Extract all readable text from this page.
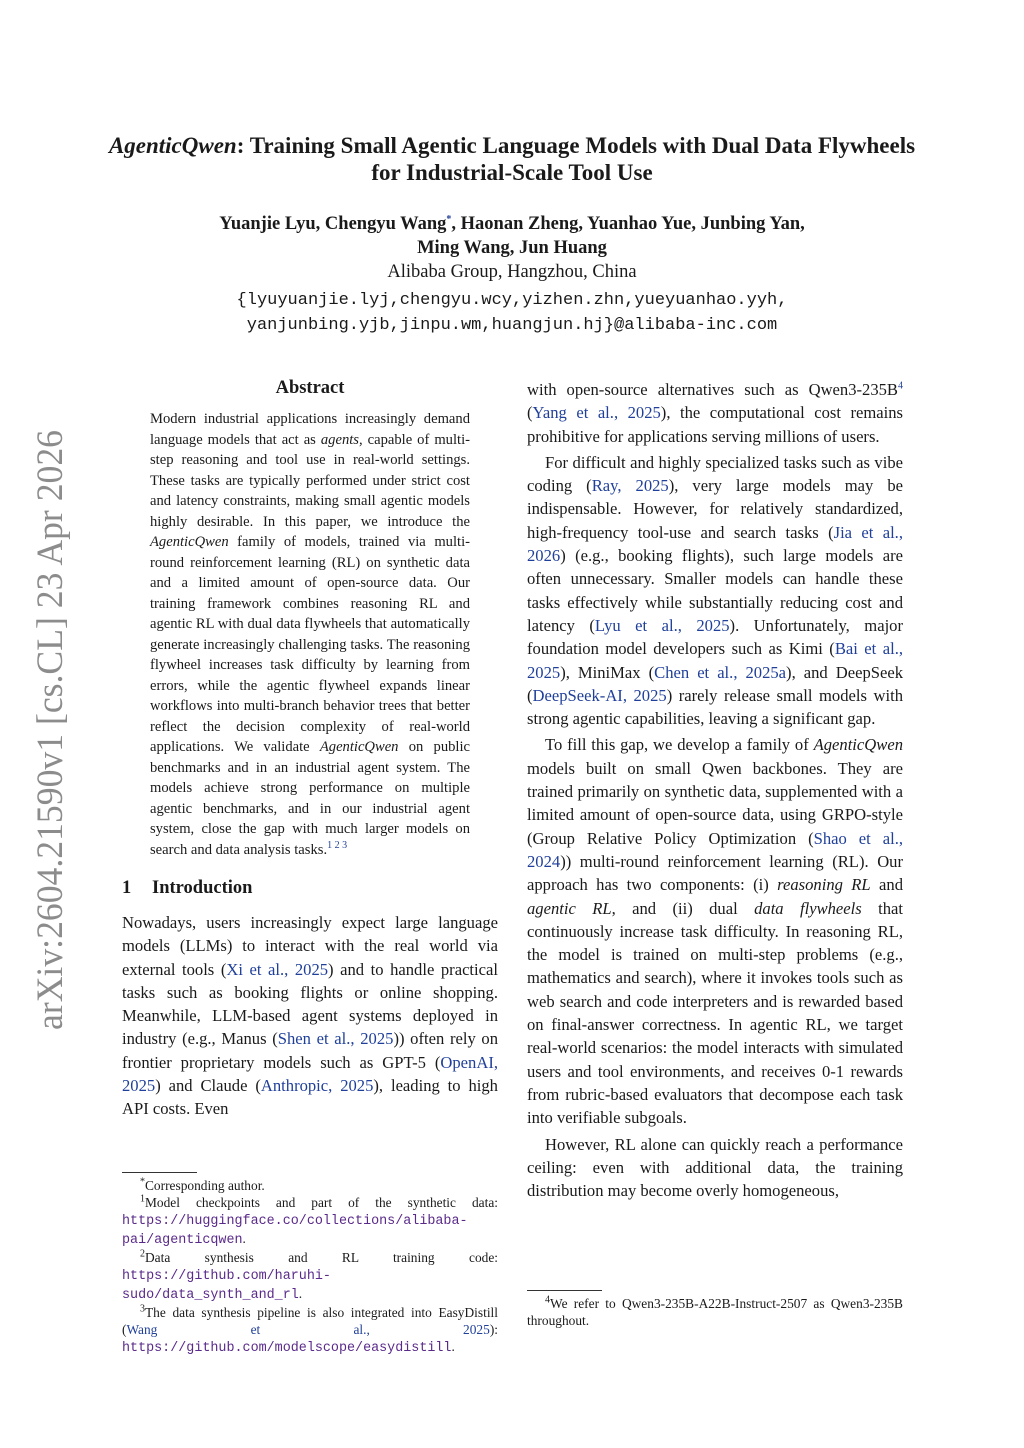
arXiv:2604.21590v1 [cs.CL] 23 Apr 2026
AgenticQwen: Training Small Agentic Language Models with Dual Data Flywheels for Industrial-Scale Tool Use
Yuanjie Lyu, Chengyu Wang*, Haonan Zheng, Yuanhao Yue, Junbing Yan,
Ming Wang, Jun Huang
Alibaba Group, Hangzhou, China
{lyuyuanjie.lyj,chengyu.wcy,yizhen.zhn,yueyuanhao.yyh,
yanjunbing.yjb,jinpu.wm,huangjun.hj}@alibaba-inc.com
Abstract

Modern industrial applications increasingly demand language models that act as agents, capable of multi-step reasoning and tool use in real-world settings. These tasks are typically performed under strict cost and latency constraints, making small agentic models highly desirable. In this paper, we introduce the AgenticQwen family of models, trained via multi-round reinforcement learning (RL) on synthetic data and a limited amount of open-source data. Our training framework combines reasoning RL and agentic RL with dual data flywheels that automatically generate increasingly challenging tasks. The reasoning flywheel increases task difficulty by learning from errors, while the agentic flywheel expands linear workflows into multi-branch behavior trees that better reflect the decision complexity of real-world applications. We validate AgenticQwen on public benchmarks and in an industrial agent system. The models achieve strong performance on multiple agentic benchmarks, and in our industrial agent system, close the gap with much larger models on search and data analysis tasks.$^{1 2 3}$

1 Introduction

Nowadays, users increasingly expect large language models (LLMs) to interact with the real world via external tools (Xi et al., 2025) and to handle practical tasks such as booking flights or online shopping. Meanwhile, LLM-based agent systems deployed in industry (e.g., Manus (Shen et al., 2025)) often rely on frontier proprietary models such as GPT-5 (OpenAI, 2025) and Claude (Anthropic, 2025), leading to high API costs. Even

*Corresponding author.

$^1$Model checkpoints and part of the synthetic data: https://huggingface.co/collections/alibaba-pai/agenticqwen.

$^2$Data synthesis and RL training code: https://github.com/haruhi-sudo/data_synth_and_rl.

$^3$The data synthesis pipeline is also integrated into EasyDistill (Wang et al., 2025): https://github.com/modelscope/easydistill.

with open-source alternatives such as Qwen3-235B$^4$ (Yang et al., 2025), the computational cost remains prohibitive for applications serving millions of users.

For difficult and highly specialized tasks such as vibe coding (Ray, 2025), very large models may be indispensable. However, for relatively standardized, high-frequency tool-use and search tasks (Jia et al., 2026) (e.g., booking flights), such large models are often unnecessary. Smaller models can handle these tasks effectively while substantially reducing cost and latency (Lyu et al., 2025). Unfortunately, major foundation model developers such as Kimi (Bai et al., 2025), MiniMax (Chen et al., 2025a), and DeepSeek (DeepSeek-AI, 2025) rarely release small models with strong agentic capabilities, leaving a significant gap.

To fill this gap, we develop a family of AgenticQwen models built on small Qwen backbones. They are trained primarily on synthetic data, supplemented with a limited amount of open-source data, using GRPO-style (Group Relative Policy Optimization (Shao et al., 2024)) multi-round reinforcement learning (RL). Our approach has two components: (i) reasoning RL and agentic RL, and (ii) dual data flywheels that continuously increase task difficulty. In reasoning RL, the model is trained on multi-step problems (e.g., mathematics and search), where it invokes tools such as web search and code interpreters and is rewarded based on final-answer correctness. In agentic RL, we target real-world scenarios: the model interacts with simulated users and tool environments, and receives 0-1 rewards from rubric-based evaluators that decompose each task into verifiable subgoals.

However, RL alone can quickly reach a performance ceiling: even with additional data, the training distribution may become overly homogeneous,

$^4$We refer to Qwen3-235B-A22B-Instruct-2507 as Qwen3-235B throughout.
